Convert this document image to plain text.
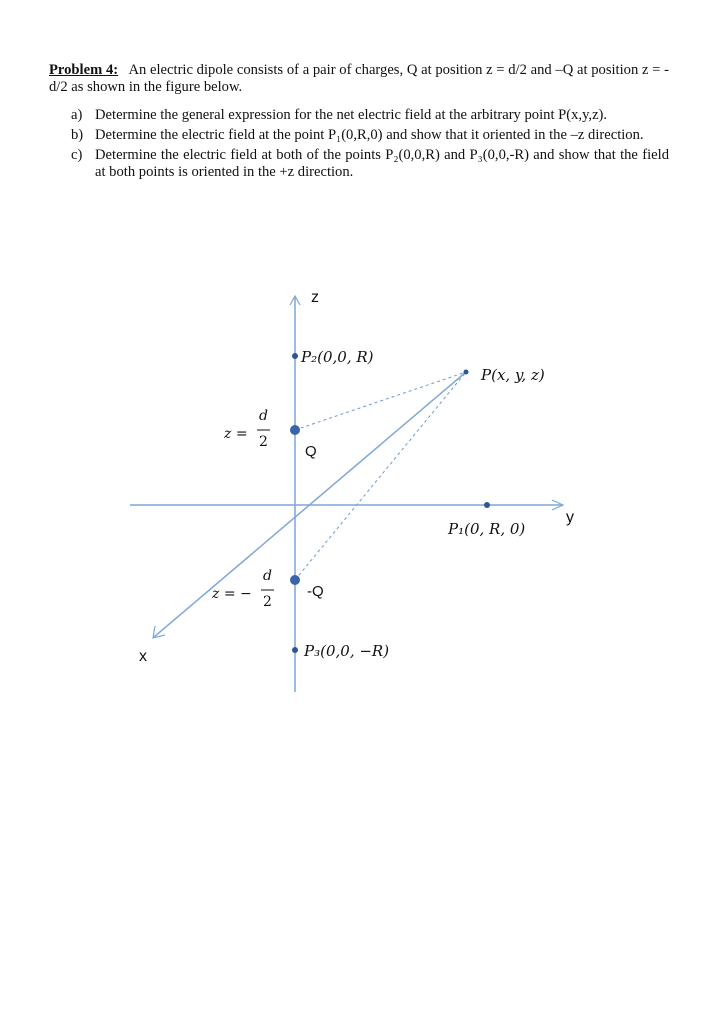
Problem 4: An electric dipole consists of a pair of charges, Q at position z = d/2 and –Q at position z = -d/2 as shown in the figure below.

a) Determine the general expression for the net electric field at the arbitrary point P(x,y,z).
b) Determine the electric field at the point P₁(0,R,0) and show that it oriented in the –z direction.
c) Determine the electric field at both of the points P₂(0,0,R) and P₃(0,0,-R) and show that the field at both points is oriented in the +z direction.
z
y
x
Q
-Q
P(x, y, z)
P₁(0, R, 0)
P₂(0,0, R)
P₃(0,0, −R)
z =
d
2
z = −
d
2
